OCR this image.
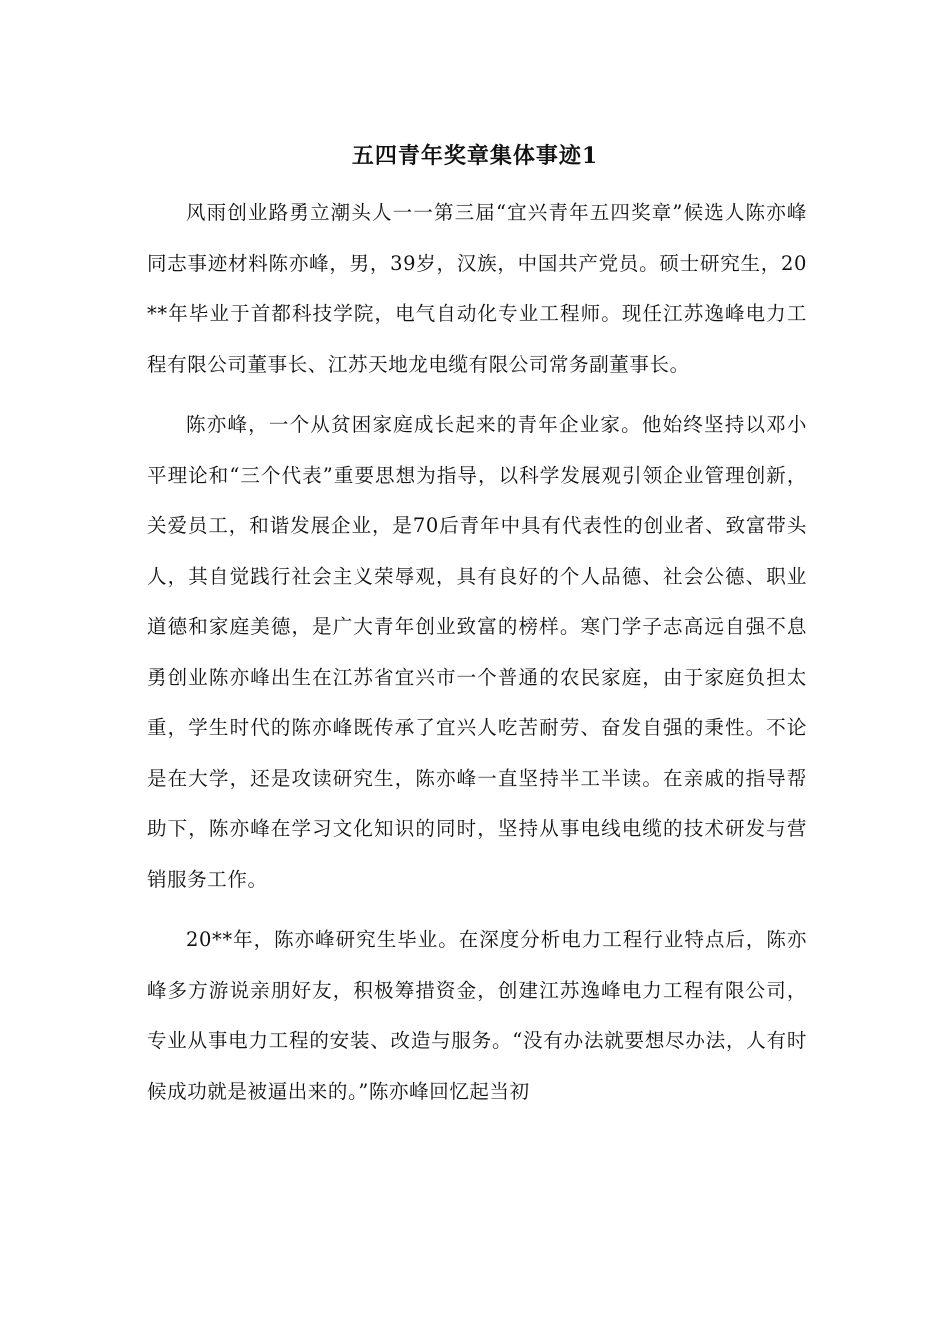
五四青年奖章集体事迹1

风雨创业路勇立潮头人一一第三届“宜兴青年五四奖章”候选人陈亦峰同志事迹材料陈亦峰，男，39岁，汉族，中国共产党员。硕士研究生，20**年毕业于首都科技学院，电气自动化专业工程师。现任江苏逸峰电力工程有限公司董事长、江苏天地龙电缆有限公司常务副董事长。

陈亦峰，一个从贫困家庭成长起来的青年企业家。他始终坚持以邓小平理论和“三个代表”重要思想为指导，以科学发展观引领企业管理创新，关爱员工，和谐发展企业，是70后青年中具有代表性的创业者、致富带头人，其自觉践行社会主义荣辱观，具有良好的个人品德、社会公德、职业道德和家庭美德，是广大青年创业致富的榜样。寒门学子志高远自强不息勇创业陈亦峰出生在江苏省宜兴市一个普通的农民家庭，由于家庭负担太重，学生时代的陈亦峰既传承了宜兴人吃苦耐劳、奋发自强的秉性。不论是在大学，还是攻读研究生，陈亦峰一直坚持半工半读。在亲戚的指导帮助下，陈亦峰在学习文化知识的同时，坚持从事电线电缆的技术研发与营销服务工作。

20**年，陈亦峰研究生毕业。在深度分析电力工程行业特点后，陈亦峰多方游说亲朋好友，积极筹措资金，创建江苏逸峰电力工程有限公司，专业从事电力工程的安装、改造与服务。“没有办法就要想尽办法，人有时候成功就是被逼出来的。”陈亦峰回忆起当初
